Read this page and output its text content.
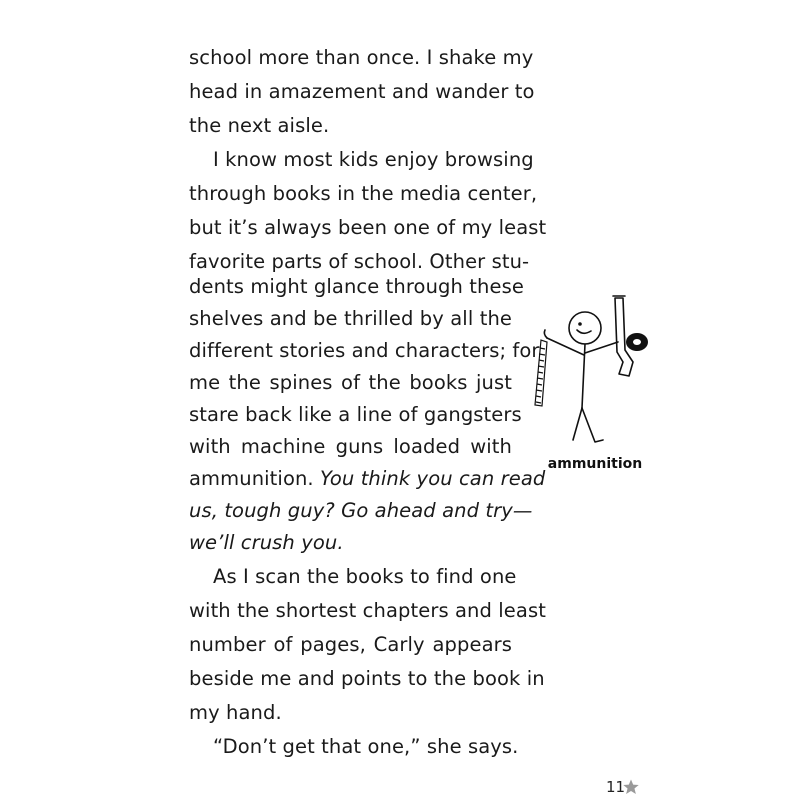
school more than once. I shake my
head in amazement and wander to
the next aisle.
I know most kids enjoy browsing
through books in the media center,
but it’s always been one of my least
favorite parts of school. Other stu-
dents might glance through these
shelves and be thrilled by all the
different stories and characters; for
me the spines of the books just
stare back like a line of gangsters
with machine guns loaded with
ammunition. You think you can read
us, tough guy? Go ahead and try—
we’ll crush you.
As I scan the books to find one
with the shortest chapters and least
number of pages, Carly appears
beside me and points to the book in
my hand.
“Don’t get that one,” she says.
ammunition
11
